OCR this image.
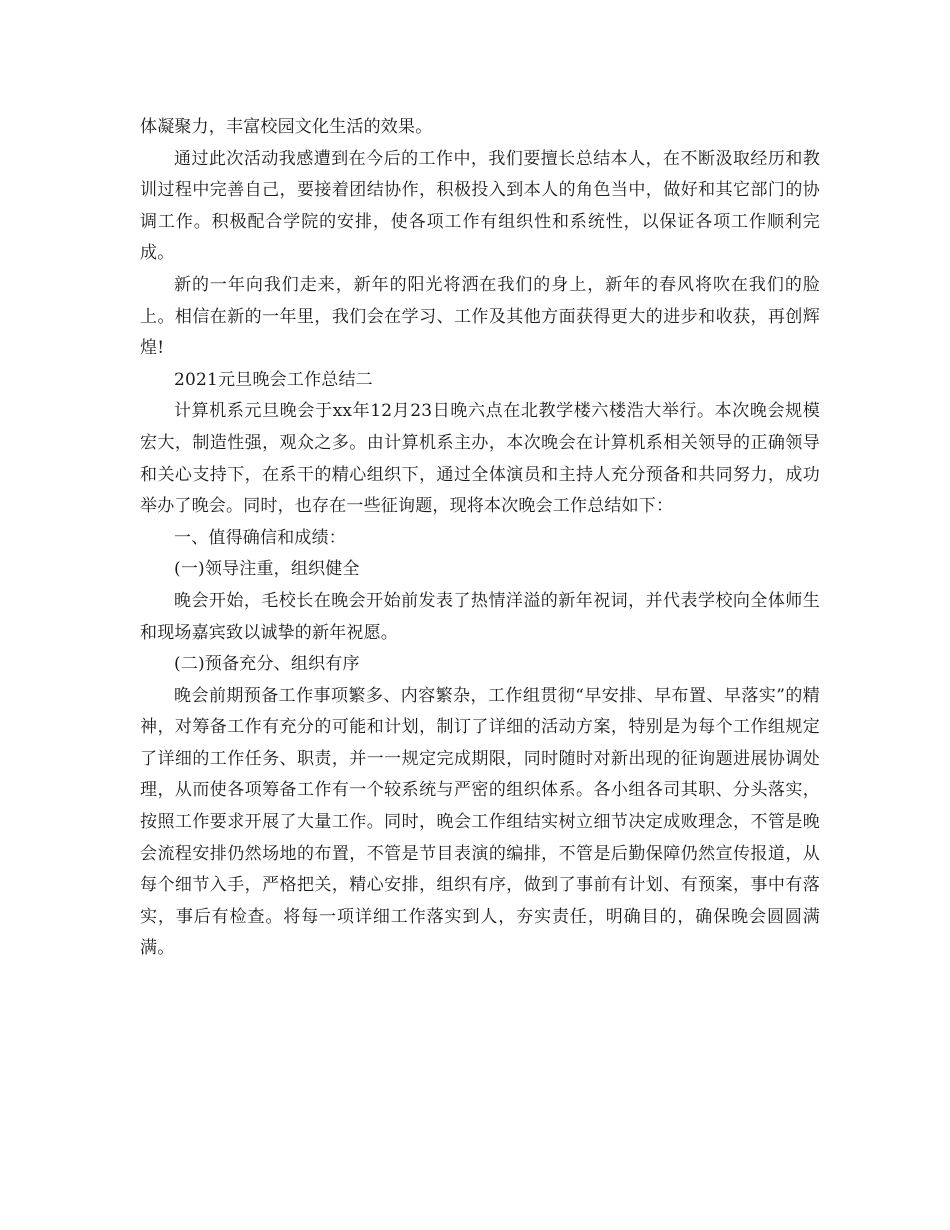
体凝聚力，丰富校园文化生活的效果。

通过此次活动我感遭到在今后的工作中，我们要擅长总结本人，在不断汲取经历和教训过程中完善自己，要接着团结协作，积极投入到本人的角色当中，做好和其它部门的协调工作。积极配合学院的安排，使各项工作有组织性和系统性，以保证各项工作顺利完成。

新的一年向我们走来，新年的阳光将洒在我们的身上，新年的春风将吹在我们的脸上。相信在新的一年里，我们会在学习、工作及其他方面获得更大的进步和收获，再创辉煌!

2021元旦晚会工作总结二

计算机系元旦晚会于xx年12月23日晚六点在北教学楼六楼浩大举行。本次晚会规模宏大，制造性强，观众之多。由计算机系主办，本次晚会在计算机系相关领导的正确领导和关心支持下，在系干的精心组织下，通过全体演员和主持人充分预备和共同努力，成功举办了晚会。同时，也存在一些征询题，现将本次晚会工作总结如下：

一、值得确信和成绩：

(一)领导注重，组织健全

晚会开始，毛校长在晚会开始前发表了热情洋溢的新年祝词，并代表学校向全体师生和现场嘉宾致以诚挚的新年祝愿。

(二)预备充分、组织有序

晚会前期预备工作事项繁多、内容繁杂，工作组贯彻“早安排、早布置、早落实”的精神，对筹备工作有充分的可能和计划，制订了详细的活动方案，特别是为每个工作组规定了详细的工作任务、职责，并一一规定完成期限，同时随时对新出现的征询题进展协调处理，从而使各项筹备工作有一个较系统与严密的组织体系。各小组各司其职、分头落实，按照工作要求开展了大量工作。同时，晚会工作组结实树立细节决定成败理念，不管是晚会流程安排仍然场地的布置，不管是节目表演的编排，不管是后勤保障仍然宣传报道，从每个细节入手，严格把关，精心安排，组织有序，做到了事前有计划、有预案，事中有落实，事后有检查。将每一项详细工作落实到人，夯实责任，明确目的，确保晚会圆圆满满。
